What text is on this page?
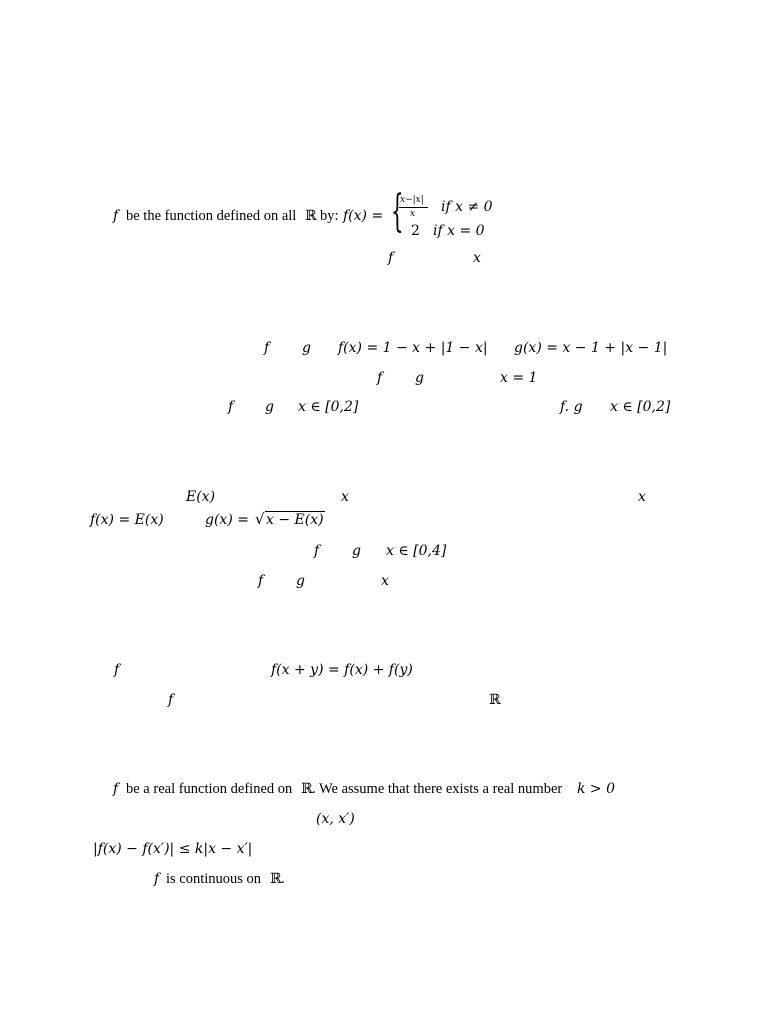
f be the function defined on all ℝ by: f(x) = {
x−|x|
x if x ≠ 0
2 if x = 0
f	x
f g f(x) = 1 − x + |1 − x| g(x) = x − 1 + |x − 1|
f g	x = 1
f g x ∈ [0,2]	f. g x ∈ [0,2]
E(x)	x	x
f(x) = E(x)	g(x) = √ x − E(x)
f g x ∈ [0,4]
f g	x
f	f(x + y) = f(x) + f(y)
f	ℝ
f be a real function defined on ℝ . We assume that there exists a real number k > 0
(x, x′)
|f(x) − f(x′)| ≤ k|x − x′|
f is continuous on ℝ .
